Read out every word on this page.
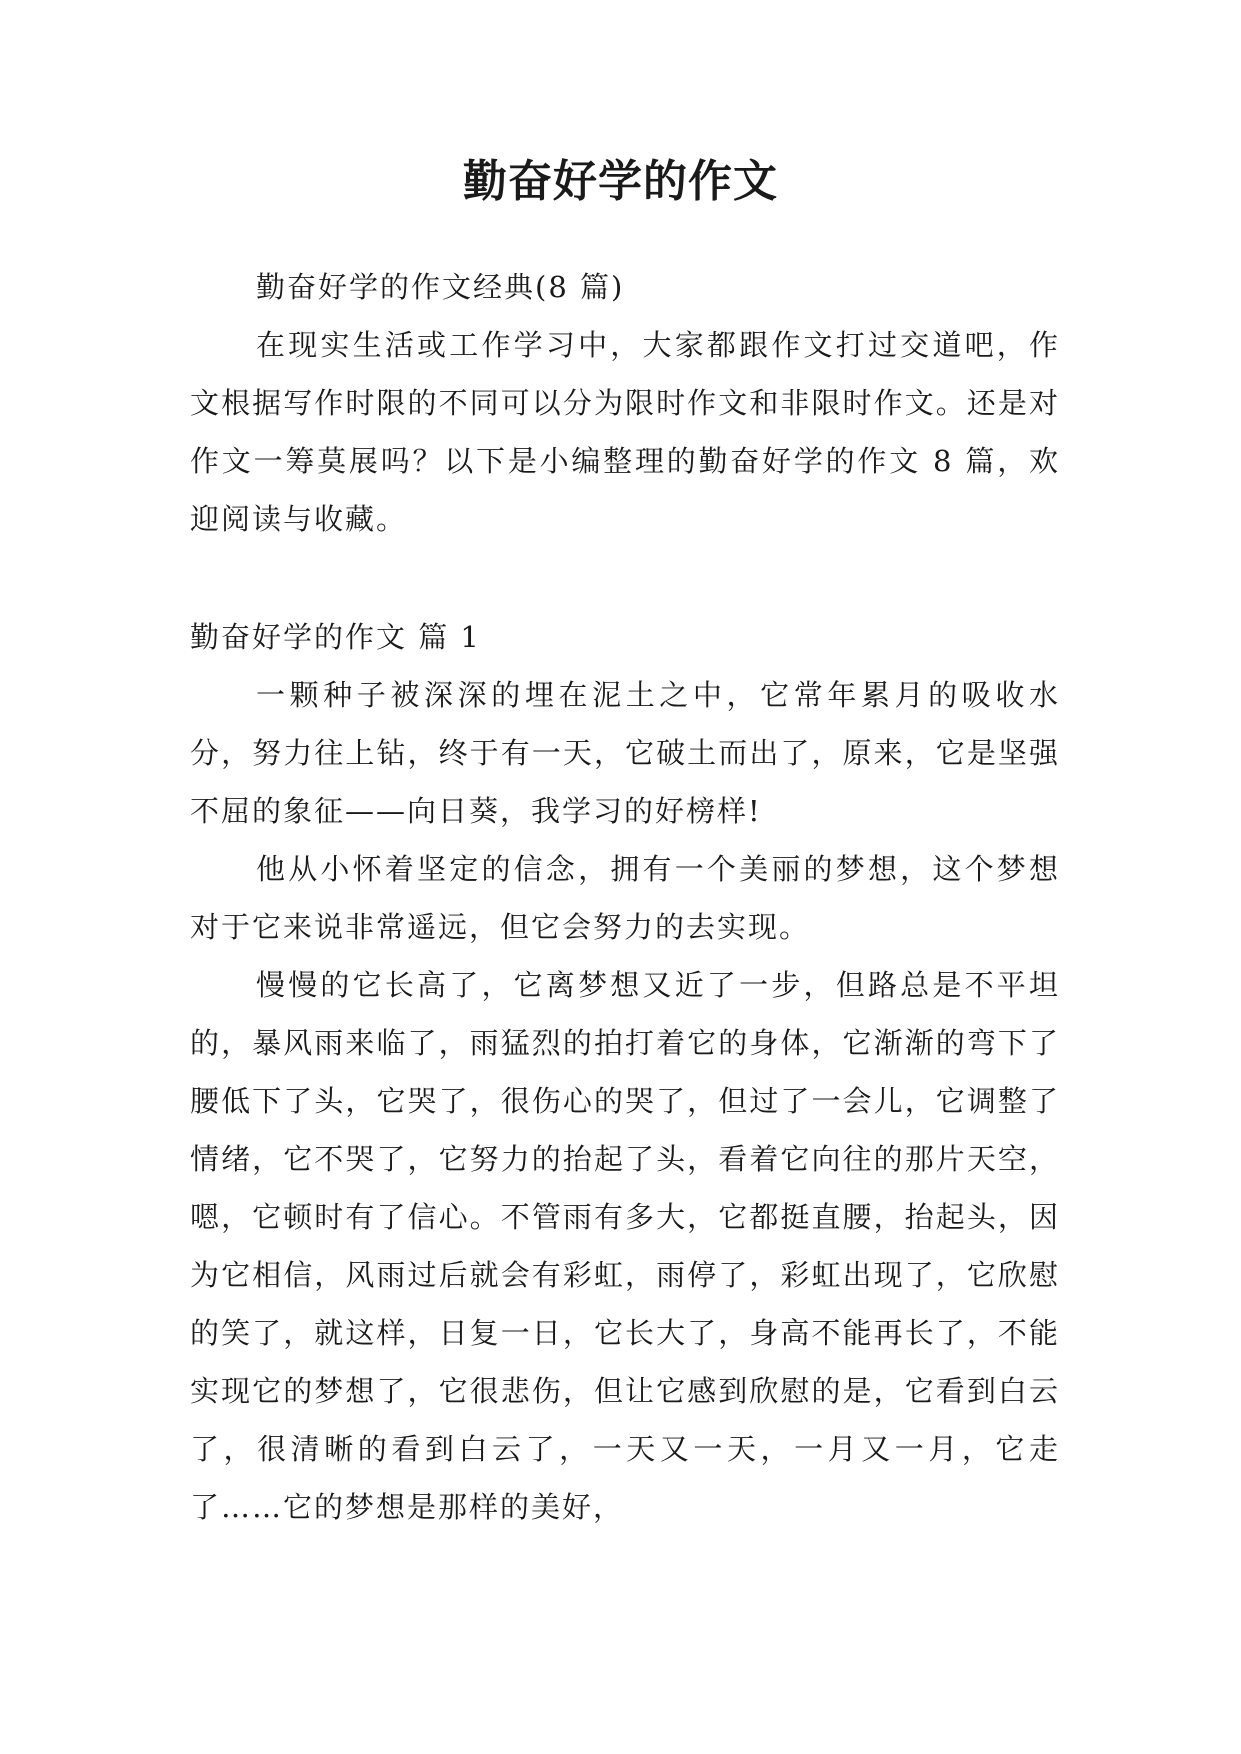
勤奋好学的作文

勤奋好学的作文经典(8 篇)

在现实生活或工作学习中，大家都跟作文打过交道吧，作文根据写作时限的不同可以分为限时作文和非限时作文。还是对作文一筹莫展吗？以下是小编整理的勤奋好学的作文 8 篇，欢迎阅读与收藏。

勤奋好学的作文 篇 1

一颗种子被深深的埋在泥土之中，它常年累月的吸收水分，努力往上钻，终于有一天，它破土而出了，原来，它是坚强不屈的象征——向日葵，我学习的好榜样!

他从小怀着坚定的信念，拥有一个美丽的梦想，这个梦想对于它来说非常遥远，但它会努力的去实现。

慢慢的它长高了，它离梦想又近了一步，但路总是不平坦的，暴风雨来临了，雨猛烈的拍打着它的身体，它渐渐的弯下了腰低下了头，它哭了，很伤心的哭了，但过了一会儿，它调整了情绪，它不哭了，它努力的抬起了头，看着它向往的那片天空，嗯，它顿时有了信心。不管雨有多大，它都挺直腰，抬起头，因为它相信，风雨过后就会有彩虹，雨停了，彩虹出现了，它欣慰的笑了，就这样，日复一日，它长大了，身高不能再长了，不能实现它的梦想了，它很悲伤，但让它感到欣慰的是，它看到白云了，很清晰的看到白云了，一天又一天，一月又一月，它走了……它的梦想是那样的美好，
